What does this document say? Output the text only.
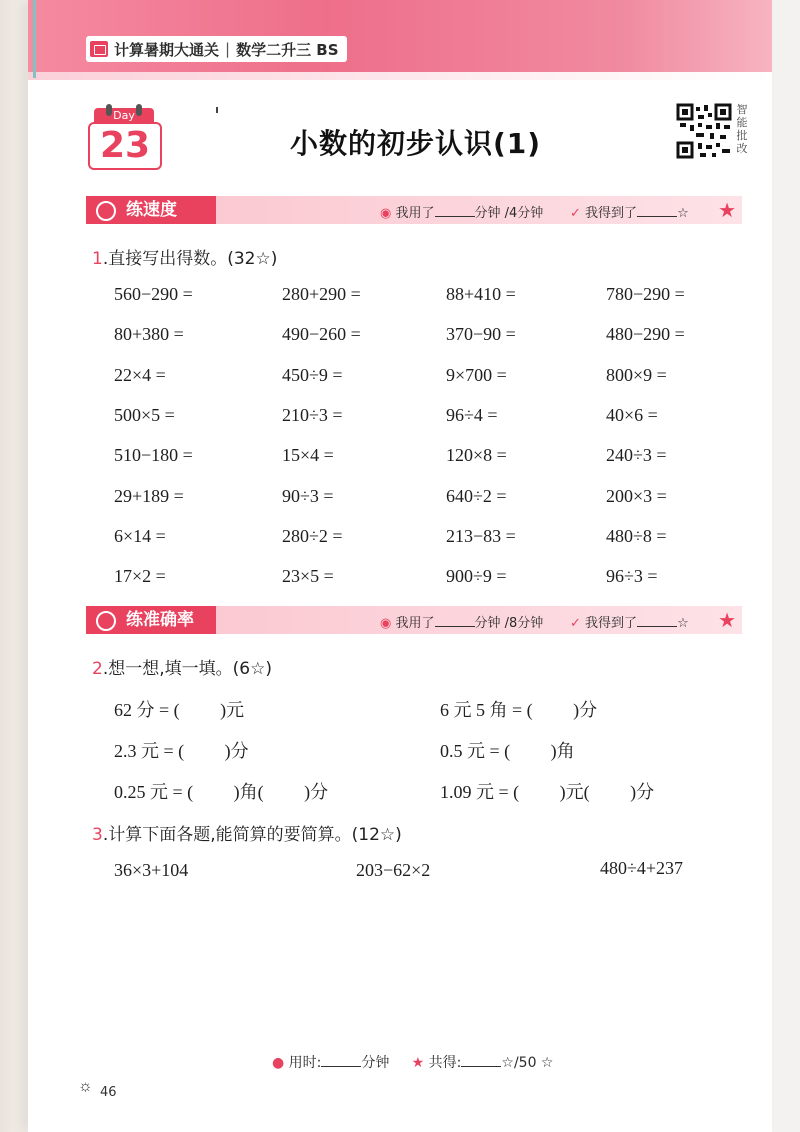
计算暑期大通关 | 数学二升三 BS
Day
23	小数的初步认识(1)
智能批改
练速度	◉ 我用了	分钟 /4分钟 ✓ 我得到了	☆ ★
1.直接写出得数。(32☆)
560−290 =	280+290 =	88+410 =	780−290 =
80+380 =	490−260 =	370−90 =	480−290 =
22×4 =	450÷9 =	9×700 =	800×9 =
500×5 =	210÷3 =	96÷4 =	40×6 =
510−180 =	15×4 =	120×8 =	240÷3 =
29+189 =	90÷3 =	640÷2 =	200×3 =
6×14 =	280÷2 =	213−83 =	480÷8 =
17×2 =	23×5 =	900÷9 =	96÷3 =
练准确率	◉ 我用了	分钟 /8分钟 ✓ 我得到了	☆ ★
2.想一想,填一填。(6☆)
62 分 = (　　 )元	6 元 5 角 = (　　 )分
2.3 元 = (　　 )分	0.5 元 = (　　 )角
0.25 元 = (　　 )角(　　 )分	1.09 元 = (　　 )元(　　 )分
3.计算下面各题,能简算的要简算。(12☆)
36×3+104	203−62×2	480÷4+237
● 用时:	分钟 ★ 共得:	☆/50 ☆
☼ 46
